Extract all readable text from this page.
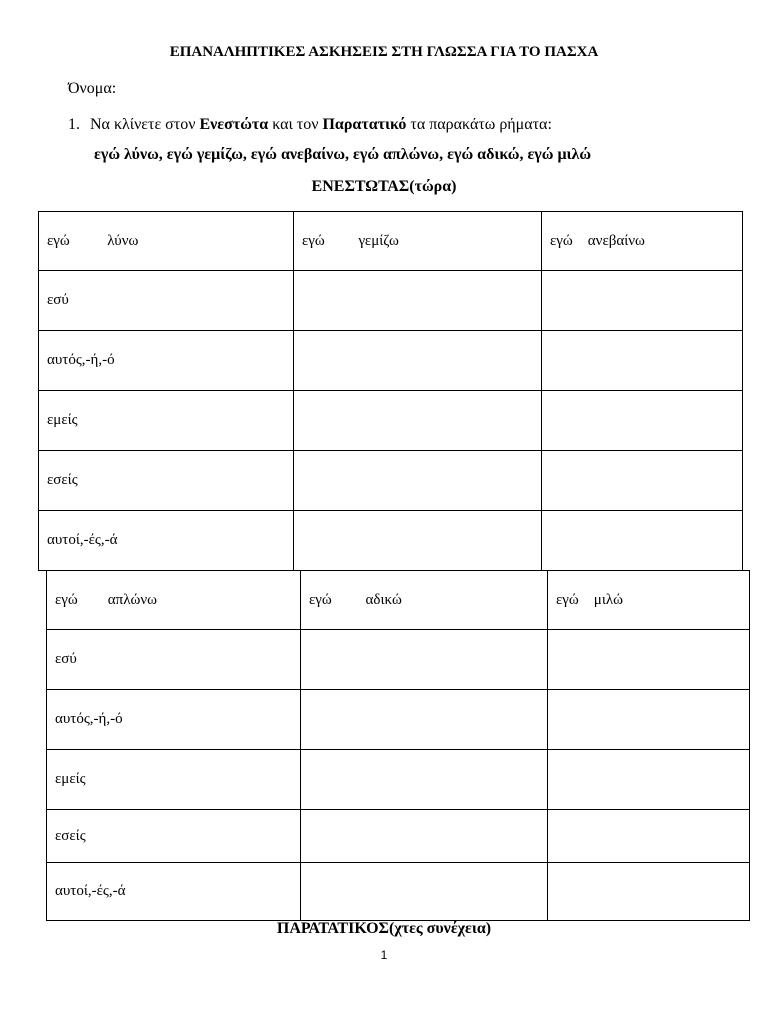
ΕΠΑΝΑΛΗΠΤΙΚΕΣ ΑΣΚΗΣΕΙΣ ΣΤΗ ΓΛΩΣΣΑ ΓΙΑ ΤΟ ΠΑΣΧΑ
Όνομα:
1. Να κλίνετε στον Ενεστώτα και τον Παρατατικό τα παρακάτω ρήματα:
εγώ λύνω, εγώ γεμίζω, εγώ ανεβαίνω, εγώ απλώνω, εγώ αδικώ, εγώ μιλώ
ΕΝΕΣΤΩΤΑΣ(τώρα)
εγώ          λύνω	εγώ         γεμίζω	εγώ    ανεβαίνω
εσύ		
αυτός,-ή,-ό		
εμείς		
εσείς		
αυτοί,-ές,-ά		
εγώ        απλώνω	εγώ         αδικώ	εγώ    μιλώ
εσύ		
αυτός,-ή,-ό		
εμείς		
εσείς		
αυτοί,-ές,-ά		
ΠΑΡΑΤΑΤΙΚΟΣ(χτες συνέχεια)
1
